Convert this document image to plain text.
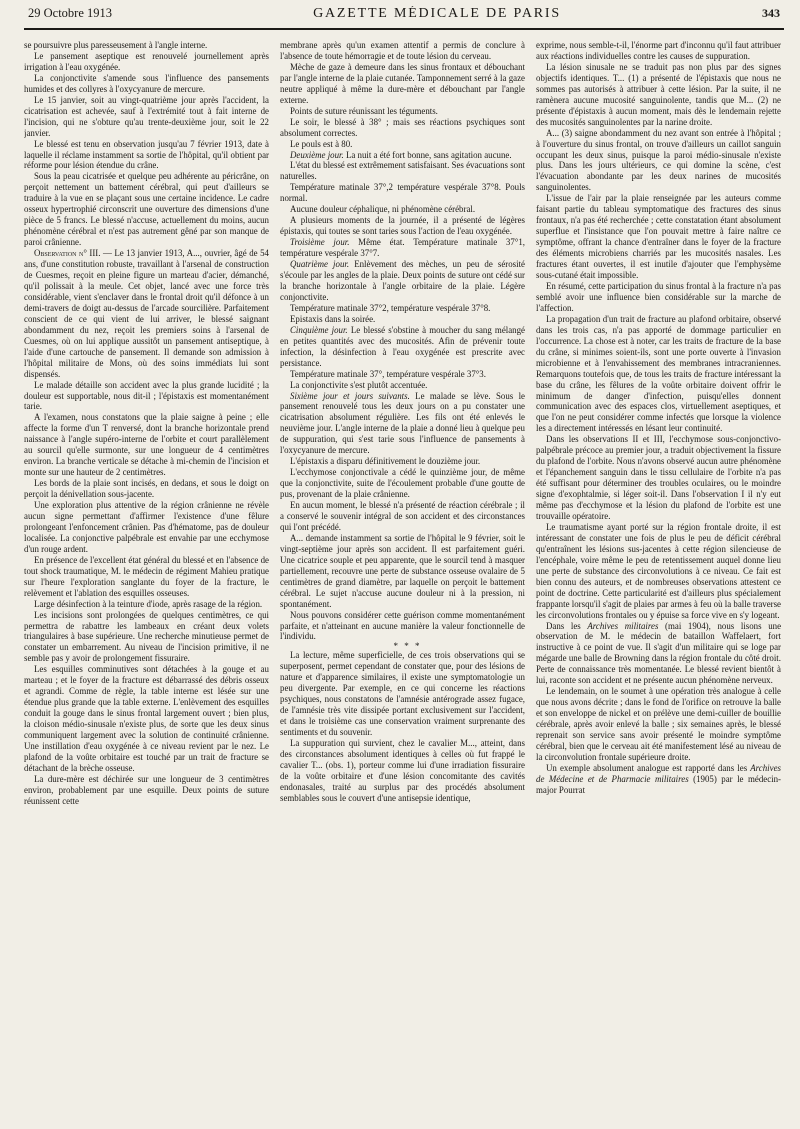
29 Octobre 1913	GAZETTE MÉDICALE DE PARIS	343

se poursuivre plus paresseusement à l'angle interne.

Le pansement aseptique est renouvelé journellement après irrigation à l'eau oxygénée.

La conjonctivite s'amende sous l'influence des pansements humides et des collyres à l'oxycyanure de mercure.

Le 15 janvier, soit au vingt-quatrième jour après l'accident, la cicatrisation est achevée, sauf à l'extrémité tout à fait interne de l'incision, qui ne s'obture qu'au trente-deuxième jour, soit le 22 janvier.

Le blessé est tenu en observation jusqu'au 7 février 1913, date à laquelle il réclame instamment sa sortie de l'hôpital, qu'il obtient par réforme pour lésion étendue du crâne.

Sous la peau cicatrisée et quelque peu adhérente au péricrâne, on perçoit nettement un battement cérébral, qui peut d'ailleurs se traduire à la vue en se plaçant sous une certaine incidence. Le cadre osseux hypertrophié circonscrit une ouverture des dimensions d'une pièce de 5 francs. Le blessé n'accuse, actuellement du moins, aucun phénomène cérébral et n'est pas autrement gêné par son manque de paroi crânienne.

Observation n° III. — Le 13 janvier 1913, A..., ouvrier, âgé de 54 ans, d'une constitution robuste, travaillant à l'arsenal de construction de Cuesmes, reçoit en pleine figure un marteau d'acier, démanché, qu'il polissait à la meule. Cet objet, lancé avec une force très considérable, vient s'enclaver dans le frontal droit qu'il défonce à un demi-travers de doigt au-dessus de l'arcade sourcilière. Parfaitement conscient de ce qui vient de lui arriver, le blessé saignant abondamment du nez, reçoit les premiers soins à l'arsenal de Cuesmes, où on lui applique aussitôt un pansement antiseptique, à l'aide d'une cartouche de pansement. Il demande son admission à l'hôpital militaire de Mons, où des soins immédiats lui sont dispensés.

Le malade détaille son accident avec la plus grande lucidité ; la douleur est supportable, nous dit-il ; l'épistaxis est momentanément tarie.

A l'examen, nous constatons que la plaie saigne à peine ; elle affecte la forme d'un T renversé, dont la branche horizontale prend naissance à l'angle supéro-interne de l'orbite et court parallèlement au sourcil qu'elle surmonte, sur une longueur de 4 centimètres environ. La branche verticale se détache à mi-chemin de l'incision et monte sur une hauteur de 2 centimètres.

Les bords de la plaie sont incisés, en dedans, et sous le doigt on perçoit la dénivellation sous-jacente.

Une exploration plus attentive de la région crânienne ne révèle aucun signe permettant d'affirmer l'existence d'une fêlure prolongeant l'enfoncement crânien. Pas d'hématome, pas de douleur localisée. La conjonctive palpébrale est envahie par une ecchymose d'un rouge ardent.

En présence de l'excellent état général du blessé et en l'absence de tout shock traumatique, M. le médecin de régiment Mahieu pratique sur l'heure l'exploration sanglante du foyer de la fracture, le relèvement et l'ablation des esquilles osseuses.

Large désinfection à la teinture d'iode, après rasage de la région.

Les incisions sont prolongées de quelques centimètres, ce qui permettra de rabattre les lambeaux en créant deux volets triangulaires à base supérieure. Une recherche minutieuse permet de constater un embarrement. Au niveau de l'incision primitive, il ne semble pas y avoir de prolongement fissuraire.

Les esquilles comminutives sont détachées à la gouge et au marteau ; et le foyer de la fracture est débarrassé des débris osseux et agrandi. Comme de règle, la table interne est lésée sur une étendue plus grande que la table externe. L'enlèvement des esquilles conduit la gouge dans le sinus frontal largement ouvert ; bien plus, la cloison médio-sinusale n'existe plus, de sorte que les deux sinus communiquent largement avec la solution de continuité crânienne. Une instillation d'eau oxygénée à ce niveau revient par le nez. Le plafond de la voûte orbitaire est touché par un trait de fracture se détachant de la brèche osseuse.

La dure-mère est déchirée sur une longueur de 3 centimètres environ, probablement par une esquille. Deux points de suture réunissent cette

membrane après qu'un examen attentif a permis de conclure à l'absence de toute hémorragie et de toute lésion du cerveau.

Mèche de gaze à demeure dans les sinus frontaux et débouchant par l'angle interne de la plaie cutanée. Tamponnement serré à la gaze neutre appliqué à même la dure-mère et débouchant par l'angle externe.

Points de suture réunissant les téguments.

Le soir, le blessé à 38° ; mais ses réactions psychiques sont absolument correctes.

Le pouls est à 80.

Deuxième jour. La nuit a été fort bonne, sans agitation aucune.

L'état du blessé est extrêmement satisfaisant. Ses évacuations sont naturelles.

Température matinale 37°,2 température vespérale 37°8. Pouls normal.

Aucune douleur céphalique, ni phénomène cérébral.

A plusieurs moments de la journée, il a présenté de légères épistaxis, qui toutes se sont taries sous l'action de l'eau oxygénée.

Troisième jour. Même état. Température matinale 37°1, température vespérale 37°7.

Quatrième jour. Enlèvement des mèches, un peu de sérosité s'écoule par les angles de la plaie. Deux points de suture ont cédé sur la branche horizontale à l'angle orbitaire de la plaie. Légère conjonctivite.

Température matinale 37°2, température vespérale 37°8.

Epistaxis dans la soirée.

Cinquième jour. Le blessé s'obstine à moucher du sang mélangé en petites quantités avec des mucosités. Afin de prévenir toute infection, la désinfection à l'eau oxygénée est prescrite avec persistance.

Température matinale 37°, température vespérale 37°3.

La conjonctivite s'est plutôt accentuée.

Sixième jour et jours suivants. Le malade se lève. Sous le pansement renouvelé tous les deux jours on a pu constater une cicatrisation absolument régulière. Les fils ont été enlevés le neuvième jour. L'angle interne de la plaie a donné lieu à quelque peu de suppuration, qui s'est tarie sous l'influence de pansements à l'oxycyanure de mercure.

L'épistaxis a disparu définitivement le douzième jour.

L'ecchymose conjonctivale a cédé le quinzième jour, de même que la conjonctivite, suite de l'écoulement probable d'une goutte de pus, provenant de la plaie crânienne.

En aucun moment, le blessé n'a présenté de réaction cérébrale ; il a conservé le souvenir intégral de son accident et des circonstances qui l'ont précédé.

A... demande instamment sa sortie de l'hôpital le 9 février, soit le vingt-septième jour après son accident. Il est parfaitement guéri. Une cicatrice souple et peu apparente, que le sourcil tend à masquer partiellement, recouvre une perte de substance osseuse ovalaire de 5 centimètres de grand diamètre, par laquelle on perçoit le battement cérébral. Le sujet n'accuse aucune douleur ni à la pression, ni spontanément.

Nous pouvons considérer cette guérison comme momentanément parfaite, et n'atteinant en aucune manière la valeur fonctionnelle de l'individu.

* * *

La lecture, même superficielle, de ces trois observations qui se superposent, permet cependant de constater que, pour des lésions de nature et d'apparence similaires, il existe une symptomatologie un peu divergente. Par exemple, en ce qui concerne les réactions psychiques, nous constatons de l'amnésie antérograde assez fugace, de l'amnésie très vite dissipée portant exclusivement sur l'accident, et dans le troisième cas une conservation vraiment surprenante des sentiments et du souvenir.

La suppuration qui survient, chez le cavalier M..., atteint, dans des circonstances absolument identiques à celles où fut frappé le cavalier T... (obs. 1), porteur comme lui d'une irradiation fissuraire de la voûte orbitaire et d'une lésion concomitante des cavités endonasales, traité au surplus par des procédés absolument semblables sous le couvert d'une antisepsie identique,

exprime, nous semble-t-il, l'énorme part d'inconnu qu'il faut attribuer aux réactions individuelles contre les causes de suppuration.

La lésion sinusale ne se traduit pas non plus par des signes objectifs identiques. T... (1) a présenté de l'épistaxis que nous ne sommes pas autorisés à attribuer à cette lésion. Par la suite, il ne ramènera aucune mucosité sanguinolente, tandis que M... (2) ne présente d'épistaxis à aucun moment, mais dès le lendemain rejette des mucosités sanguinolentes par la narine droite.

A... (3) saigne abondamment du nez avant son entrée à l'hôpital ; à l'ouverture du sinus frontal, on trouve d'ailleurs un caillot sanguin occupant les deux sinus, puisque la paroi médio-sinusale n'existe plus. Dans les jours ultérieurs, ce qui domine la scène, c'est l'évacuation abondante par les deux narines de mucosités sanguinolentes.

L'issue de l'air par la plaie renseignée par les auteurs comme faisant partie du tableau symptomatique des fractures des sinus frontaux, n'a pas été recherchée ; cette constatation étant absolument superflue et l'insistance que l'on pouvait mettre à faire naître ce symptôme, offrant la chance d'entraîner dans le foyer de la fracture des éléments microbiens charriés par les mucosités nasales. Les fractures étant ouvertes, il est inutile d'ajouter que l'emphysème sous-cutané était impossible.

En résumé, cette participation du sinus frontal à la fracture n'a pas semblé avoir une influence bien considérable sur la marche de l'affection.

La propagation d'un trait de fracture au plafond orbitaire, observé dans les trois cas, n'a pas apporté de dommage particulier en l'occurrence. La chose est à noter, car les traits de fracture de la base du crâne, si minimes soient-ils, sont une porte ouverte à l'invasion microbienne et à l'envahissement des membranes intracraniennes. Remarquons toutefois que, de tous les traits de fracture intéressant la base du crâne, les fêlures de la voûte orbitaire doivent offrir le minimum de danger d'infection, puisqu'elles donnent communication avec des espaces clos, virtuellement aseptiques, et que l'on ne peut considérer comme infectés que lorsque la violence les a directement intéressés en lésant leur continuité.

Dans les observations II et III, l'ecchymose sous-conjonctivo-palpébrale précoce au premier jour, a traduit objectivement la fissure du plafond de l'orbite. Nous n'avons observé aucun autre phénomène et l'épanchement sanguin dans le tissu cellulaire de l'orbite n'a pas été suffisant pour déterminer des troubles oculaires, ou le moindre signe d'exophtalmie, si léger soit-il. Dans l'observation I il n'y eut même pas d'ecchymose et la lésion du plafond de l'orbite est une trouvaille opératoire.

Le traumatisme ayant porté sur la région frontale droite, il est intéressant de constater une fois de plus le peu de déficit cérébral qu'entraînent les lésions sus-jacentes à cette région silencieuse de l'encéphale, voire même le peu de retentissement auquel donne lieu une perte de substance des circonvolutions à ce niveau. Ce fait est bien connu des auteurs, et de nombreuses observations attestent ce point de doctrine. Cette particularité est d'ailleurs plus spécialement frappante lorsqu'il s'agit de plaies par armes à feu où la balle traverse les circonvolutions frontales ou y épuise sa force vive en s'y logeant.

Dans les Archives militaires (mai 1904), nous lisons une observation de M. le médecin de bataillon Waffelaert, fort instructive à ce point de vue. Il s'agit d'un militaire qui se loge par mégarde une balle de Browning dans la région frontale du côté droit. Perte de connaissance très momentanée. Le blessé revient bientôt à lui, raconte son accident et ne présente aucun phénomène nerveux.

Le lendemain, on le soumet à une opération très analogue à celle que nous avons décrite ; dans le fond de l'orifice on retrouve la balle et son enveloppe de nickel et on prélève une demi-cuiller de bouillie cérébrale, après avoir enlevé la balle ; six semaines après, le blessé reprenait son service sans avoir présenté le moindre symptôme cérébral, bien que le cerveau ait été manifestement lésé au niveau de la circonvolution frontale supérieure droite.

Un exemple absolument analogue est rapporté dans les Archives de Médecine et de Pharmacie militaires (1905) par le médecin-major Pourrat
